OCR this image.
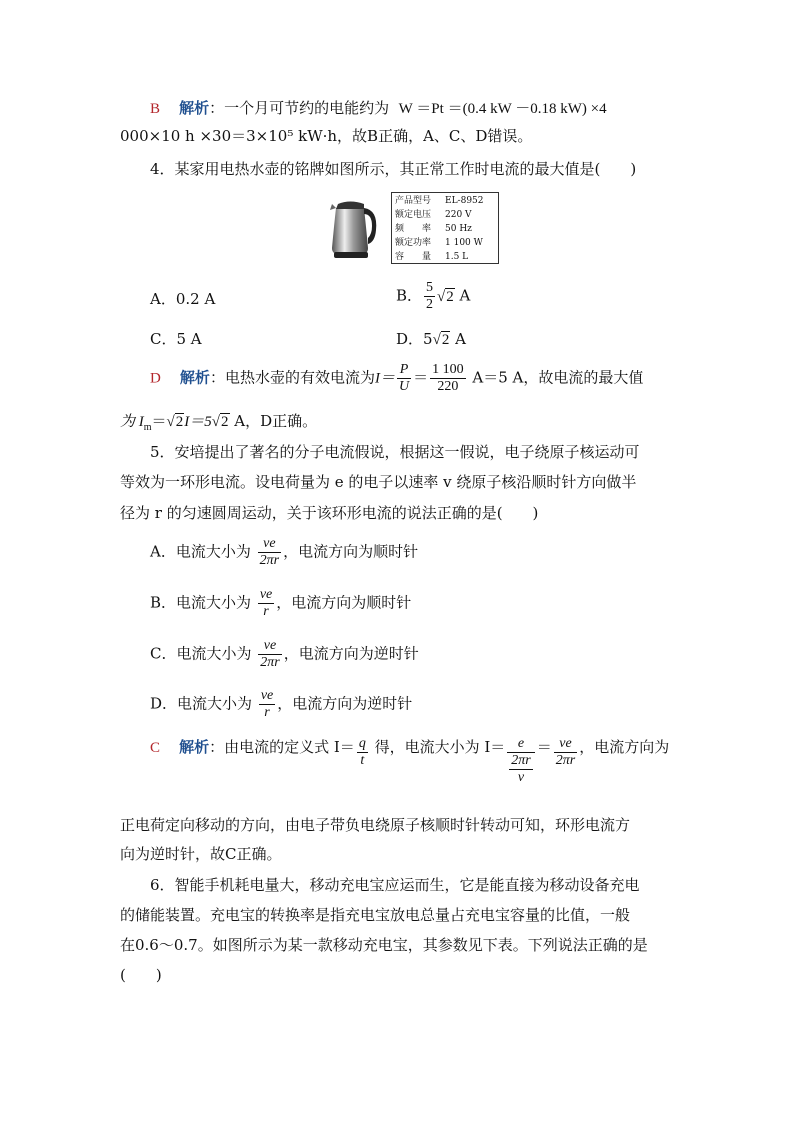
B 解析：一个月可节约的电能约为 W ＝Pt ＝(0.4 kW －0.18 kW) ×4
000×10 h ×30＝3×10⁵ kW·h，故B正确，A、C、D错误。
4．某家用电热水壶的铭牌如图所示，其正常工作时电流的最大值是(　　)
产品型号	EL-8952
额定电压	220 V
频　　率	50 Hz
额定功率	1 100 W
容　　量	1.5 L
A．0.2 A	B． $\frac{5}{2} √2$ A
C．5 A	D．5√2 A
D 解析：电热水壶的有效电流为$I= \frac{P}{U} = \frac{1 100}{220} A=5$ A，故电流的最大值
为 $I_m=√2I=5√2$ A，D正确。
5．安培提出了著名的分子电流假说，根据这一假说，电子绕原子核运动可
等效为一环形电流。设电荷量为 e 的电子以速率 v 绕原子核沿顺时针方向做半
径为 r 的匀速圆周运动，关于该环形电流的说法正确的是(　　)
A．电流大小为 $\frac{ve}{2\pi r}$ ，电流方向为顺时针
B．电流大小为 $\frac{ve}{r}$ ，电流方向为顺时针
C．电流大小为 $\frac{ve}{2\pi r}$ ，电流方向为逆时针
D．电流大小为 $\frac{ve}{r}$ ，电流方向为逆时针
C 解析：由电流的定义式 $I= \frac{q}{t}$ 得，电流大小为 $I= \frac{e}{\frac{2\pi r}{v}} = \frac{ve}{2\pi r}$ ，电流方向为
正电荷定向移动的方向，由电子带负电绕原子核顺时针转动可知，环形电流方
向为逆时针，故C正确。
6．智能手机耗电量大，移动充电宝应运而生，它是能直接为移动设备充电
的储能装置。充电宝的转换率是指充电宝放电总量占充电宝容量的比值，一般
在0.6～0.7。如图所示为某一款移动充电宝，其参数见下表。下列说法正确的是
(　　)
